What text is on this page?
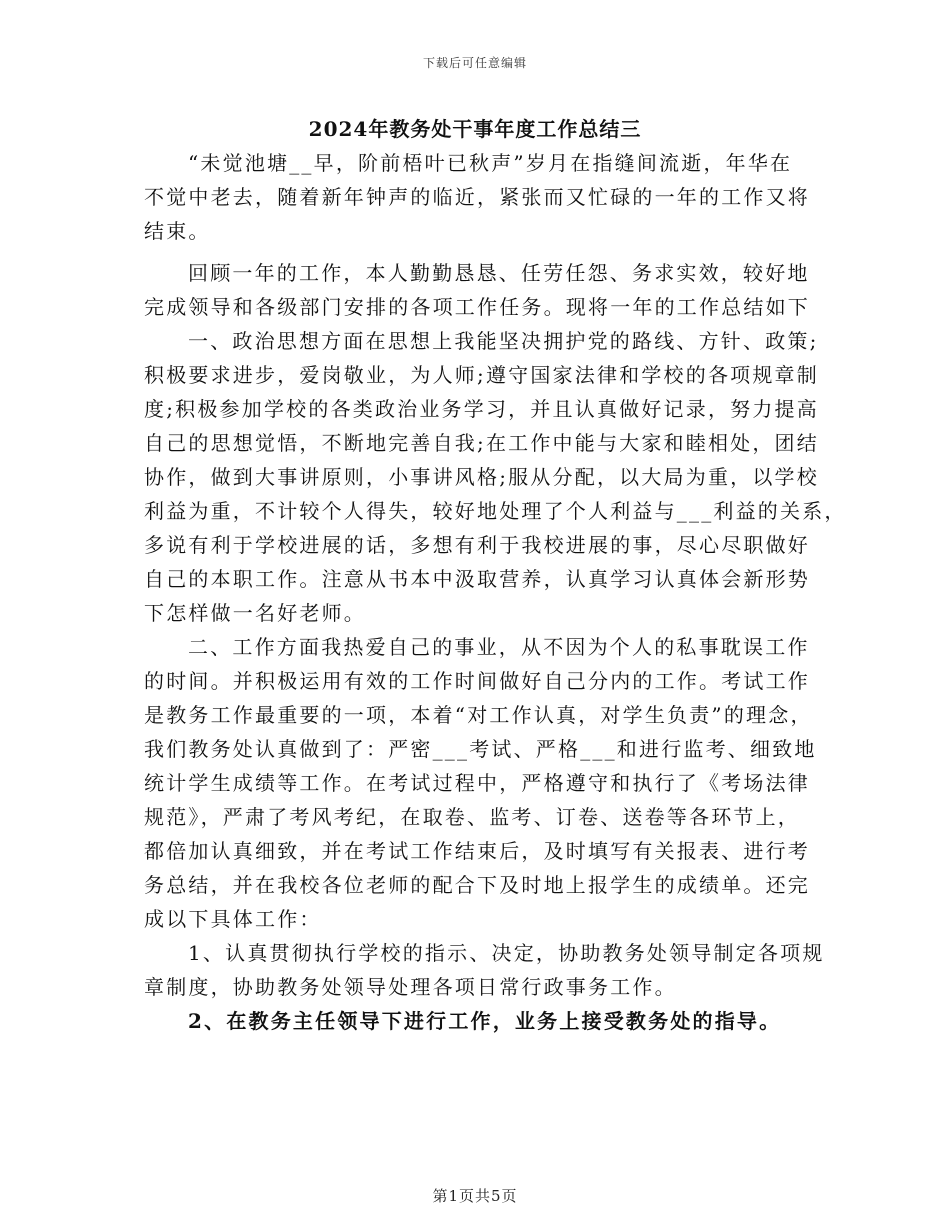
下载后可任意编辑
2024年教务处干事年度工作总结三
“未觉池塘__早，阶前梧叶已秋声”岁月在指缝间流逝，年华在
不觉中老去，随着新年钟声的临近，紧张而又忙碌的一年的工作又将
结束。
回顾一年的工作，本人勤勤恳恳、任劳任怨、务求实效，较好地
完成领导和各级部门安排的各项工作任务。现将一年的工作总结如下
一、政治思想方面在思想上我能坚决拥护党的路线、方针、政策;
积极要求进步，爱岗敬业，为人师;遵守国家法律和学校的各项规章制
度;积极参加学校的各类政治业务学习，并且认真做好记录，努力提高
自己的思想觉悟，不断地完善自我;在工作中能与大家和睦相处，团结
协作，做到大事讲原则，小事讲风格;服从分配，以大局为重，以学校
利益为重，不计较个人得失，较好地处理了个人利益与___利益的关系，
多说有利于学校进展的话，多想有利于我校进展的事，尽心尽职做好
自己的本职工作。注意从书本中汲取营养，认真学习认真体会新形势
下怎样做一名好老师。
二、工作方面我热爱自己的事业，从不因为个人的私事耽误工作
的时间。并积极运用有效的工作时间做好自己分内的工作。考试工作
是教务工作最重要的一项，本着“对工作认真，对学生负责”的理念，
我们教务处认真做到了：严密___考试、严格___和进行监考、细致地
统计学生成绩等工作。在考试过程中，严格遵守和执行了《考场法律
规范》，严肃了考风考纪，在取卷、监考、订卷、送卷等各环节上，
都倍加认真细致，并在考试工作结束后，及时填写有关报表、进行考
务总结，并在我校各位老师的配合下及时地上报学生的成绩单。还完
成以下具体工作：
1、认真贯彻执行学校的指示、决定，协助教务处领导制定各项规
章制度，协助教务处领导处理各项日常行政事务工作。
2、在教务主任领导下进行工作，业务上接受教务处的指导。
第1页共5页
